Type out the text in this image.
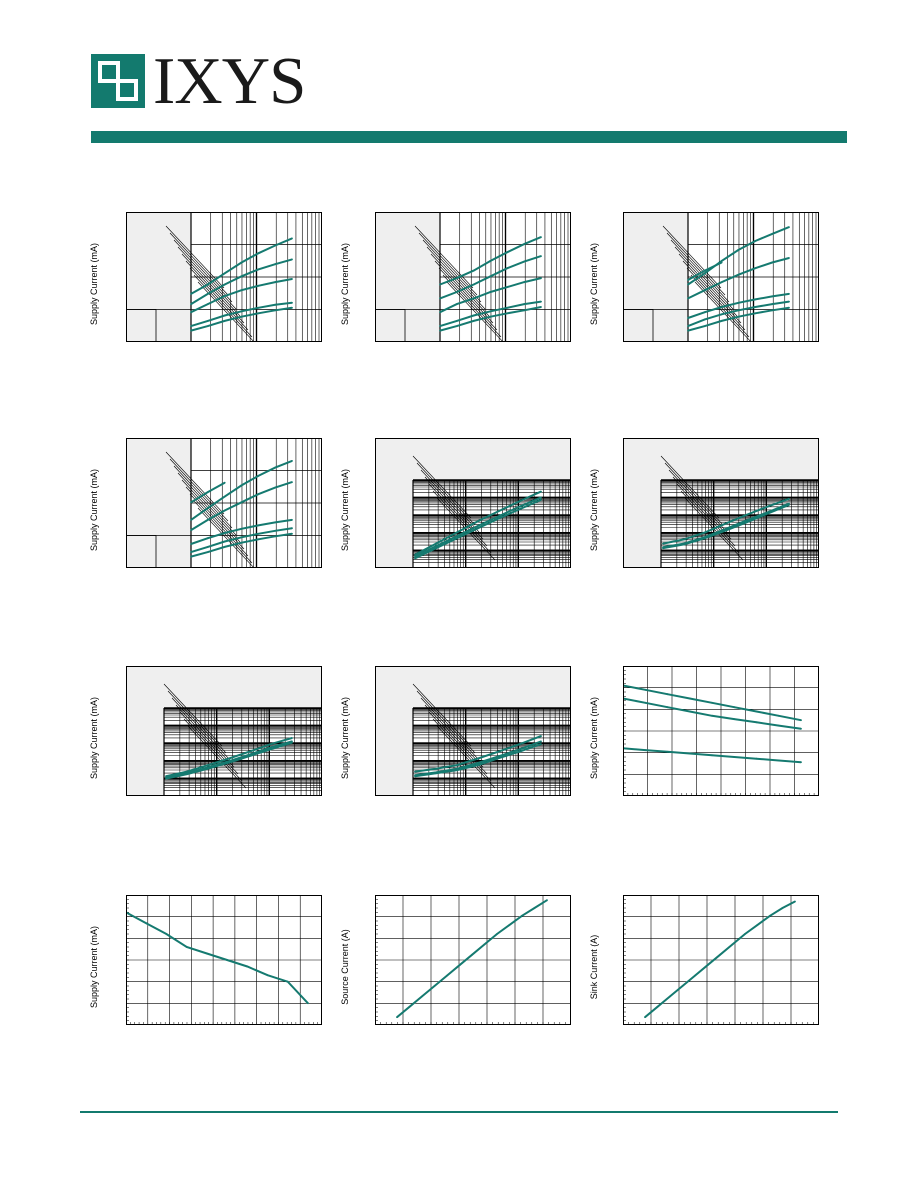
IXYS
Supply Current (mA)	Supply Current (mA)	Supply Current (mA)
Supply Current (mA)	Supply Current (mA)	Supply Current (mA)
Supply Current (mA)	Supply Current (mA)	Supply Current (mA)
Supply Current (mA)	Source Current (A)	Sink Current (A)
